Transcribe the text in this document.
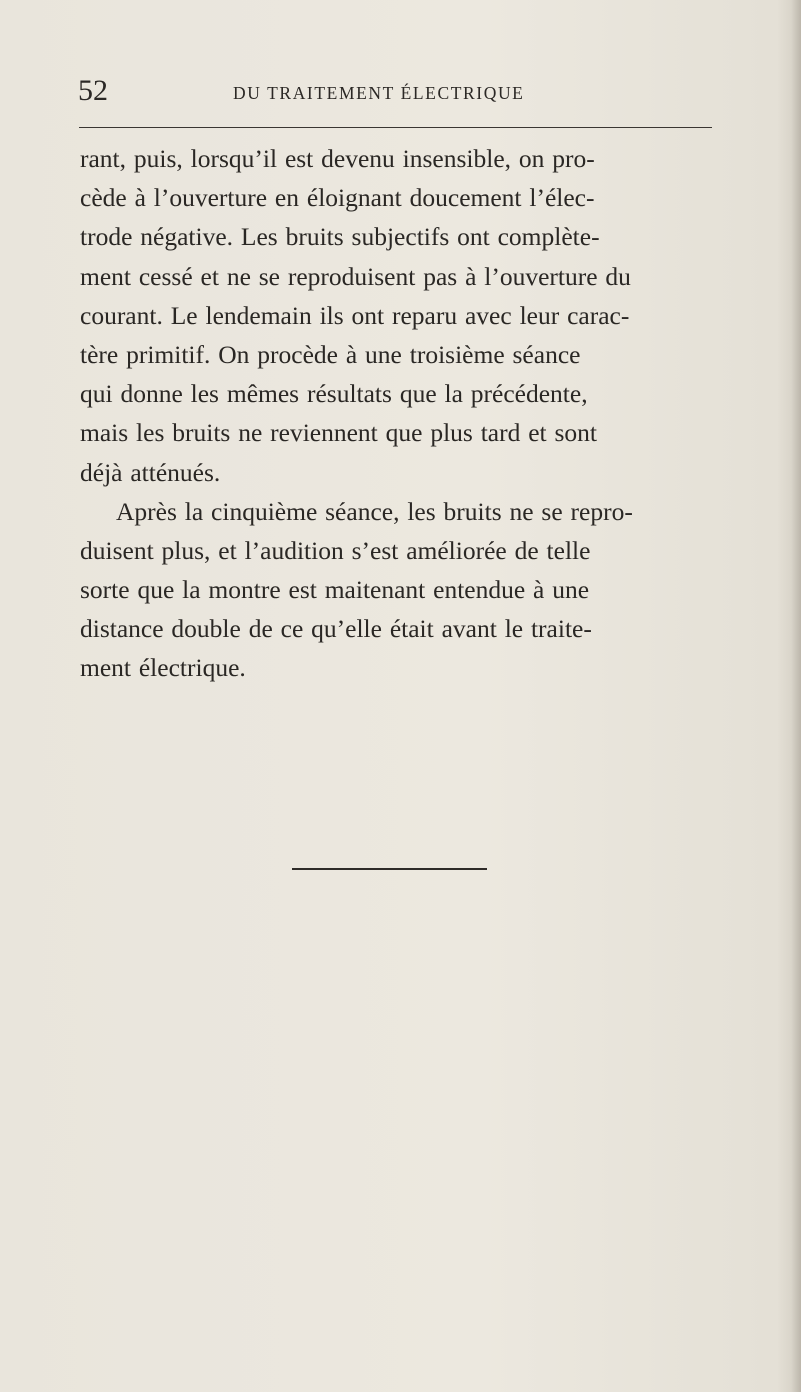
52	DU TRAITEMENT ÉLECTRIQUE
rant, puis, lorsqu’il est devenu insensible, on pro-
cède à l’ouverture en éloignant doucement l’élec-
trode négative. Les bruits subjectifs ont complète-
ment cessé et ne se reproduisent pas à l’ouverture du
courant. Le lendemain ils ont reparu avec leur carac-
tère primitif. On procède à une troisième séance
qui donne les mêmes résultats que la précédente,
mais les bruits ne reviennent que plus tard et sont
déjà atténués.
Après la cinquième séance, les bruits ne se repro-
duisent plus, et l’audition s’est améliorée de telle
sorte que la montre est maitenant entendue à une
distance double de ce qu’elle était avant le traite-
ment électrique.
